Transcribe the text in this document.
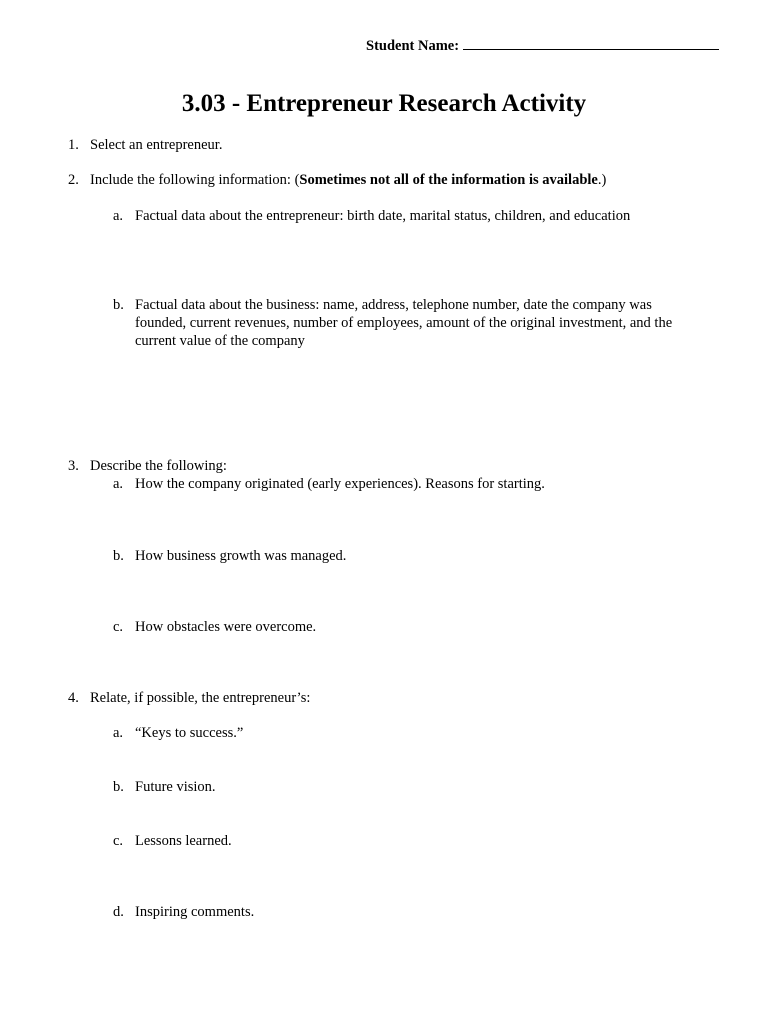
Student Name:
3.03 - Entrepreneur Research Activity
1. Select an entrepreneur.
2. Include the following information: (Sometimes not all of the information is available.)
a. Factual data about the entrepreneur: birth date, marital status, children, and education
b. Factual data about the business: name, address, telephone number, date the company was
founded, current revenues, number of employees, amount of the original investment, and the
current value of the company
3. Describe the following:
a. How the company originated (early experiences). Reasons for starting.
b. How business growth was managed.
c. How obstacles were overcome.
4. Relate, if possible, the entrepreneur’s:
a. “Keys to success.”
b. Future vision.
c. Lessons learned.
d. Inspiring comments.
